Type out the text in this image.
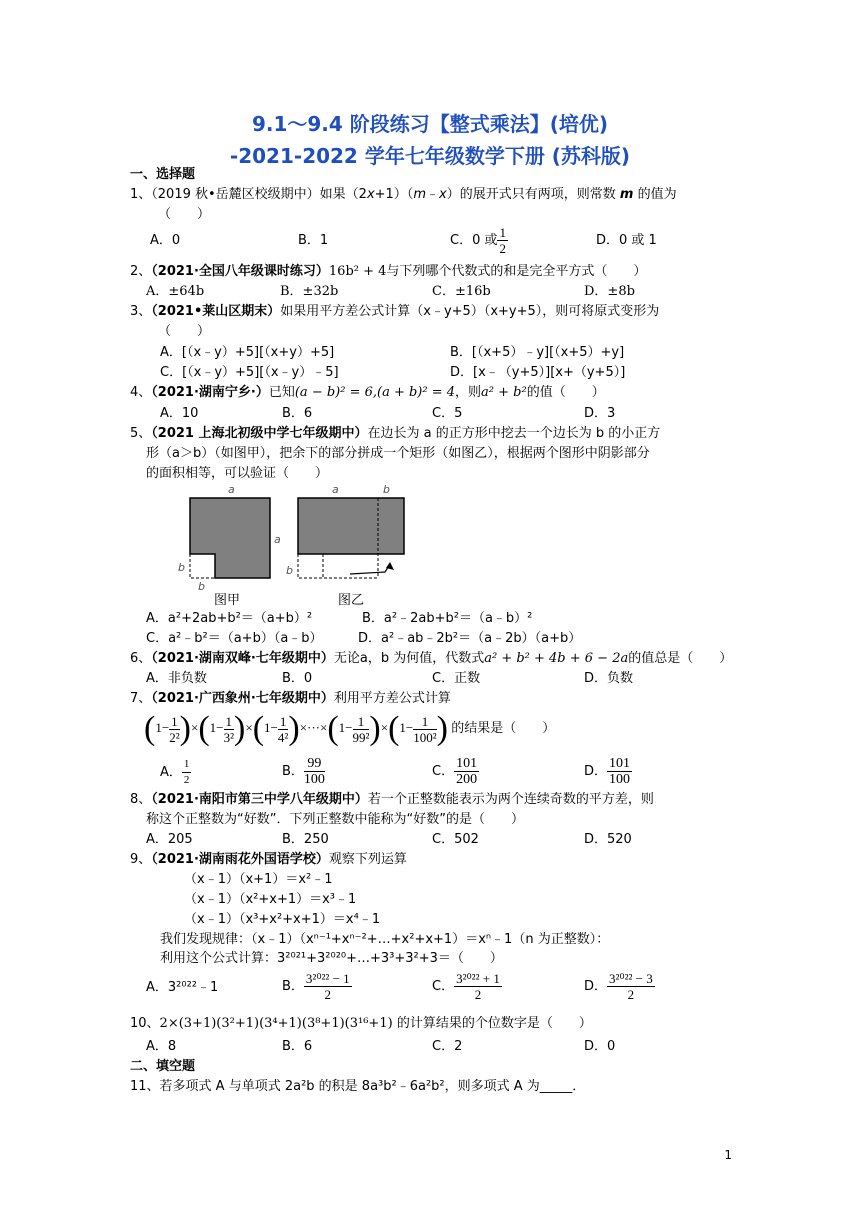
9.1～9.4 阶段练习【整式乘法】(培优)
-2021-2022 学年七年级数学下册 (苏科版)
一、选择题
1、（2019 秋•岳麓区校级期中）如果（2x+1）（m﹣x）的展开式只有两项，则常数 m 的值为
（　　）
A．0	B．1	C．0 或 $\frac{1}{2}$	D．0 或 1
2、（2021·全国八年级课时练习）16b² + 4与下列哪个代数式的和是完全平方式（　　）
A．±64b	B．±32b	C．±16b	D．±8b
3、（2021•莱山区期末）如果用平方差公式计算（x﹣y+5）（x+y+5），则可将原式变形为
（　　）
A．[（x﹣y）+5][（x+y）+5]	B．[（x+5）﹣y][（x+5）+y]
C．[（x﹣y）+5][（x﹣y）﹣5]	D．[x﹣（y+5）][x+（y+5）]
4、（2021·湖南宁乡·）已知(a − b)² = 6,(a + b)² = 4，则a² + b²的值（　　）
A．10	B．6	C．5	D．3
5、（2021 上海北初级中学七年级期中）在边长为 a 的正方形中挖去一个边长为 b 的小正方
形（a＞b）（如图甲），把余下的部分拼成一个矩形（如图乙），根据两个图形中阴影部分
的面积相等，可以验证（　　）
a
a
b
b
图甲
a	b
b
图乙
A．a²+2ab+b²＝（a+b）²	B．a²﹣2ab+b²＝（a﹣b）²
C．a²﹣b²＝（a+b）（a﹣b）	D．a²﹣ab﹣2b²＝（a﹣2b）（a+b）
6、（2021·湖南双峰·七年级期中）无论a，b 为何值，代数式a² + b² + 4b + 6 − 2a的值总是（　　）
A．非负数	B．0	C．正数	D．负数
7、（2021·广西象州·七年级期中）利用平方差公式计算
$(1- \frac{1}{\text{2²}} )\times(1- \frac{1}{\text{3²}} )\times(1- \frac{1}{\text{4²}} )\times\cdot\cdot\cdot\times(1- \frac{1}{\text{99²}} )\times(1- \frac{1}{\text{100²}}$ ) 的结果是（　　）
A． $\frac{1}{2}$	B． $\frac{99}{100}$	C． $\frac{101}{200}$	D． $\frac{101}{100}$
8、（2021·南阳市第三中学八年级期中）若一个正整数能表示为两个连续奇数的平方差，则
称这个正整数为“好数”．下列正整数中能称为“好数”的是（　　）
A．205	B．250	C．502	D．520
9、（2021·湖南雨花外国语学校）观察下列运算
（x﹣1）（x+1）＝x²﹣1
（x﹣1）（x²+x+1）＝x³﹣1
（x﹣1）（x³+x²+x+1）＝x⁴﹣1
我们发现规律：（x﹣1）（xⁿ⁻¹+xⁿ⁻²+…+x²+x+1）＝xⁿ﹣1（n 为正整数）：
利用这个公式计算：3²⁰²¹+3²⁰²⁰+…+3³+3²+3＝（　　）
A．3²⁰²²﹣1	B． $\frac{\text{3²⁰²² − 1}}{2}$	C． $\frac{\text{3²⁰²² + 1}}{2}$	D． $\frac{\text{3²⁰²² − 3}}{2}$
10、2×(3+1)(3²+1)(3⁴+1)(3⁸+1)(3¹⁶+1) 的计算结果的个位数字是（　　）
A．8	B．6	C．2	D．0
二、填空题
11、若多项式 A 与单项式 2a²b 的积是 8a³b²﹣6a²b²，则多项式 A 为_____．
1
